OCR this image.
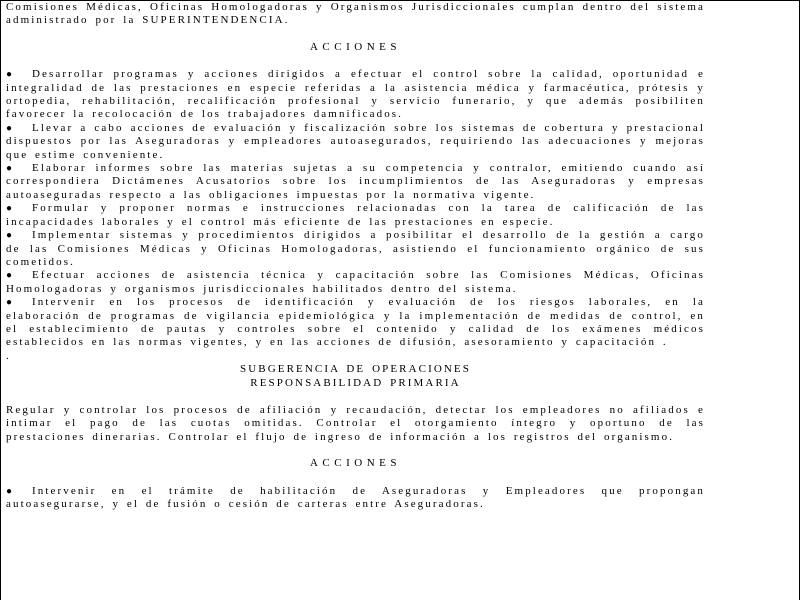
Comisiones Médicas, Oficinas Homologadoras y Organismos Jurisdiccionales cumplan dentro del sistema administrado por la SUPERINTENDENCIA.

ACCIONES

● Desarrollar programas y acciones dirigidos a efectuar el control sobre la calidad, oportunidad e integralidad de las prestaciones en especie referidas a la asistencia médica y farmacéutica, prótesis y ortopedia, rehabilitación, recalificación profesional y servicio funerario, y que además posibiliten favorecer la recolocación de los trabajadores damnificados.

● Llevar a cabo acciones de evaluación y fiscalización sobre los sistemas de cobertura y prestacional dispuestos por las Aseguradoras y empleadores autoasegurados, requiriendo las adecuaciones y mejoras que estime conveniente.

● Elaborar informes sobre las materias sujetas a su competencia y contralor, emitiendo cuando así correspondiera Dictámenes Acusatorios sobre los incumplimientos de las Aseguradoras y empresas autoaseguradas respecto a las obligaciones impuestas por la normativa vigente.

● Formular y proponer normas e instrucciones relacionadas con la tarea de calificación de las incapacidades laborales y el control más eficiente de las prestaciones en especie.

● Implementar sistemas y procedimientos dirigidos a posibilitar el desarrollo de la gestión a cargo de las Comisiones Médicas y Oficinas Homologadoras, asistiendo el funcionamiento orgánico de sus cometidos.

● Efectuar acciones de asistencia técnica y capacitación sobre las Comisiones Médicas, Oficinas Homologadoras y organismos jurisdiccionales habilitados dentro del sistema.

● Intervenir en los procesos de identificación y evaluación de los riesgos laborales, en la elaboración de programas de vigilancia epidemiológica y la implementación de medidas de control, en el establecimiento de pautas y controles sobre el contenido y calidad de los exámenes médicos establecidos en las normas vigentes, y en las acciones de difusión, asesoramiento y capacitación .

.

SUBGERENCIA DE OPERACIONES

RESPONSABILIDAD PRIMARIA

Regular y controlar los procesos de afiliación y recaudación, detectar los empleadores no afiliados e intimar el pago de las cuotas omitidas. Controlar el otorgamiento íntegro y oportuno de las prestaciones dinerarias. Controlar el flujo de ingreso de información a los registros del organismo.

ACCIONES

● Intervenir en el trámite de habilitación de Aseguradoras y Empleadores que propongan autoasegurarse, y el de fusión o cesión de carteras entre Aseguradoras.
